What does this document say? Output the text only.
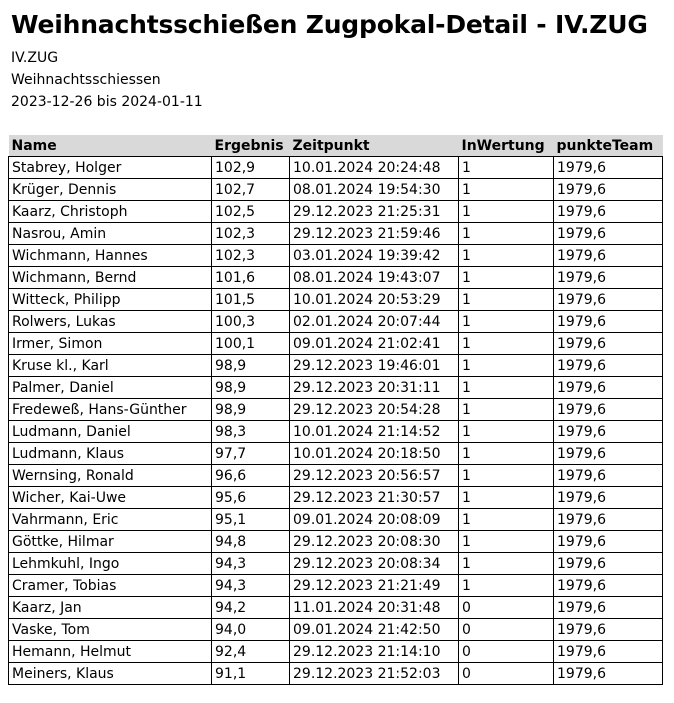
Weihnachtsschießen Zugpokal-Detail - IV.ZUG
IV.ZUG
Weihnachtsschiessen
2023-12-26 bis 2024-01-11
Name	Ergebnis	Zeitpunkt	InWertung	punkteTeam
Stabrey, Holger	102,9	10.01.2024 20:24:48	1	1979,6
Krüger, Dennis	102,7	08.01.2024 19:54:30	1	1979,6
Kaarz, Christoph	102,5	29.12.2023 21:25:31	1	1979,6
Nasrou, Amin	102,3	29.12.2023 21:59:46	1	1979,6
Wichmann, Hannes	102,3	03.01.2024 19:39:42	1	1979,6
Wichmann, Bernd	101,6	08.01.2024 19:43:07	1	1979,6
Witteck, Philipp	101,5	10.01.2024 20:53:29	1	1979,6
Rolwers, Lukas	100,3	02.01.2024 20:07:44	1	1979,6
Irmer, Simon	100,1	09.01.2024 21:02:41	1	1979,6
Kruse kl., Karl	98,9	29.12.2023 19:46:01	1	1979,6
Palmer, Daniel	98,9	29.12.2023 20:31:11	1	1979,6
Fredeweß, Hans-Günther	98,9	29.12.2023 20:54:28	1	1979,6
Ludmann, Daniel	98,3	10.01.2024 21:14:52	1	1979,6
Ludmann, Klaus	97,7	10.01.2024 20:18:50	1	1979,6
Wernsing, Ronald	96,6	29.12.2023 20:56:57	1	1979,6
Wicher, Kai-Uwe	95,6	29.12.2023 21:30:57	1	1979,6
Vahrmann, Eric	95,1	09.01.2024 20:08:09	1	1979,6
Göttke, Hilmar	94,8	29.12.2023 20:08:30	1	1979,6
Lehmkuhl, Ingo	94,3	29.12.2023 20:08:34	1	1979,6
Cramer, Tobias	94,3	29.12.2023 21:21:49	1	1979,6
Kaarz, Jan	94,2	11.01.2024 20:31:48	0	1979,6
Vaske, Tom	94,0	09.01.2024 21:42:50	0	1979,6
Hemann, Helmut	92,4	29.12.2023 21:14:10	0	1979,6
Meiners, Klaus	91,1	29.12.2023 21:52:03	0	1979,6
